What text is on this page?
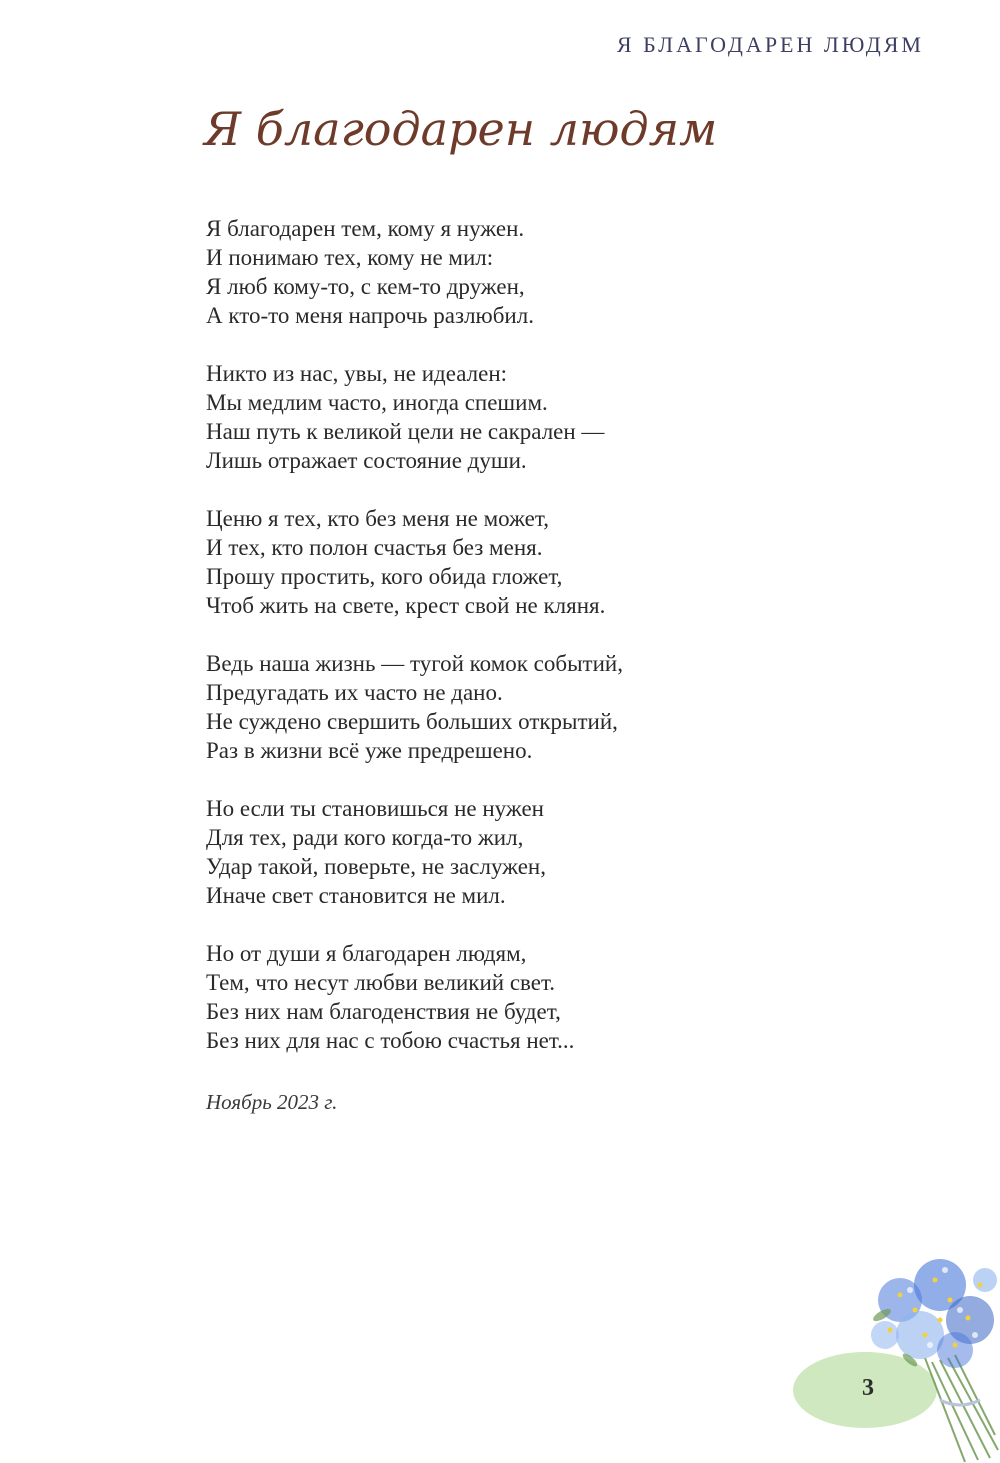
Я БЛАГОДАРЕН ЛЮДЯМ
Я благодарен людям
Я благодарен тем, кому я нужен.
И понимаю тех, кому не мил:
Я люб кому-то, с кем-то дружен,
А кто-то меня напрочь разлюбил.
Никто из нас, увы, не идеален:
Мы медлим часто, иногда спешим.
Наш путь к великой цели не сакрален —
Лишь отражает состояние души.
Ценю я тех, кто без меня не может,
И тех, кто полон счастья без меня.
Прошу простить, кого обида гложет,
Чтоб жить на свете, крест свой не кляня.
Ведь наша жизнь — тугой комок событий,
Предугадать их часто не дано.
Не суждено свершить больших открытий,
Раз в жизни всё уже предрешено.
Но если ты становишься не нужен
Для тех, ради кого когда-то жил,
Удар такой, поверьте, не заслужен,
Иначе свет становится не мил.
Но от души я благодарен людям,
Тем, что несут любви великий свет.
Без них нам благоденствия не будет,
Без них для нас с тобою счастья нет...
Ноябрь 2023 г.
3
